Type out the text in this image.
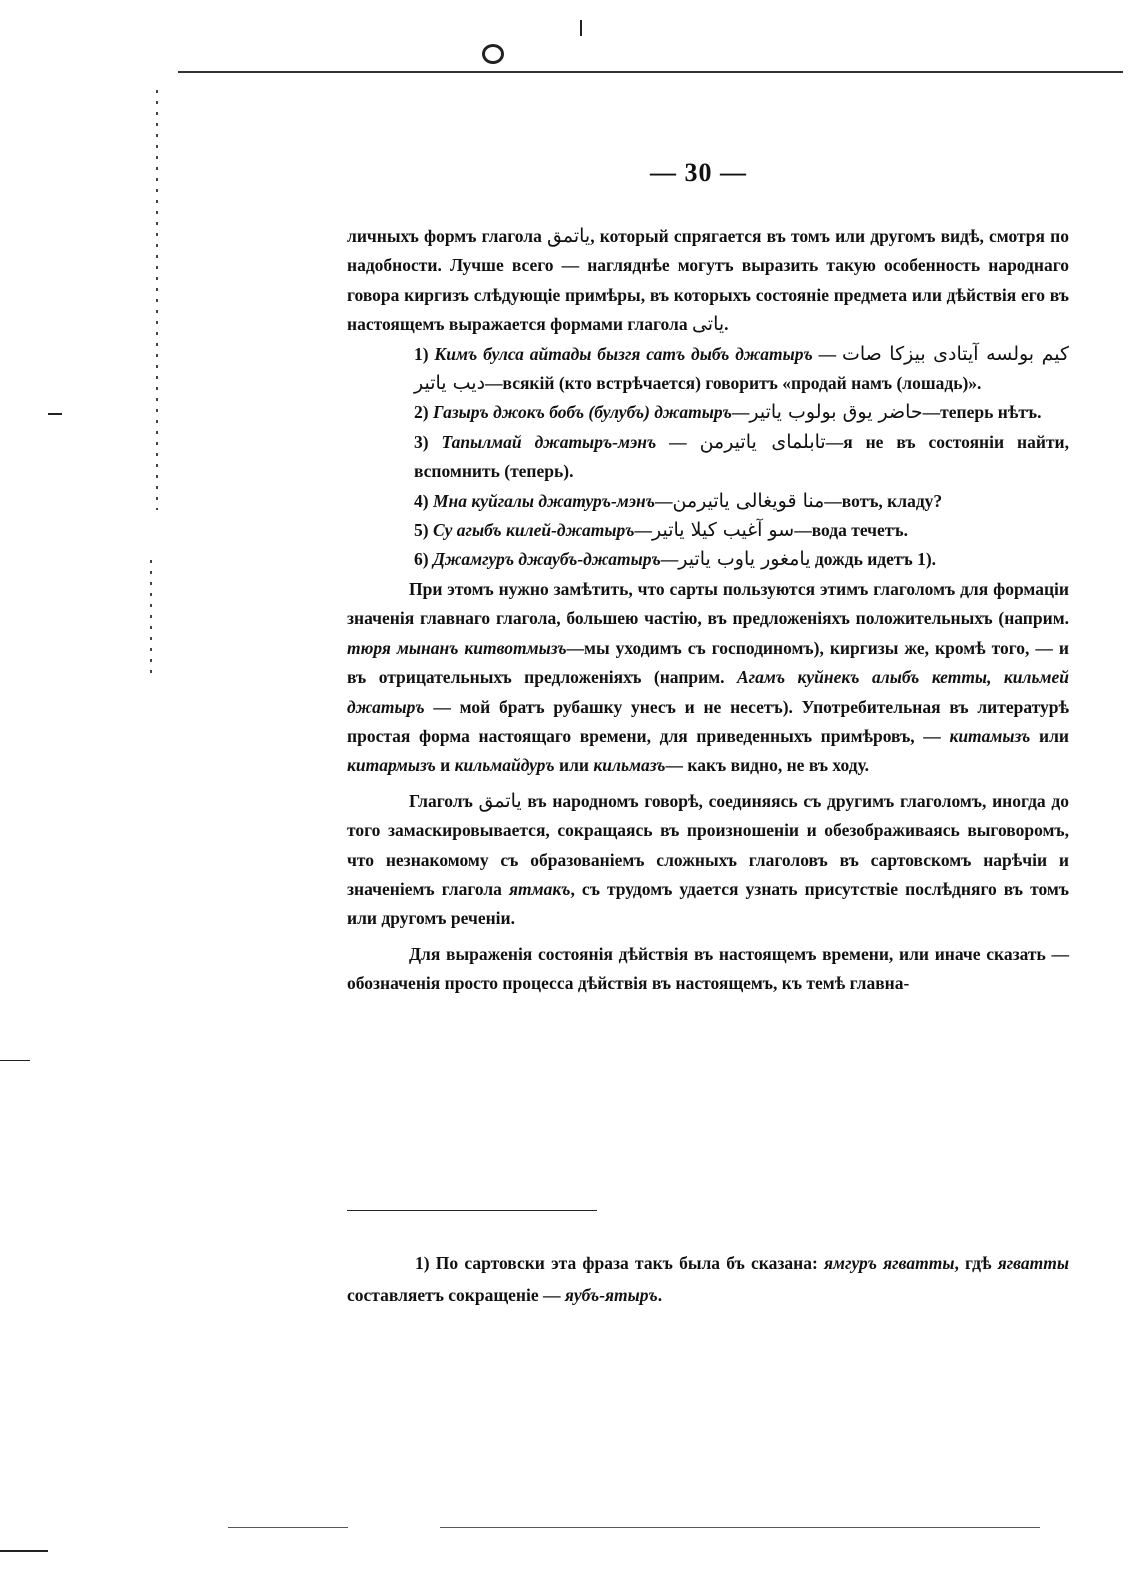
— 30 —

личныхъ формъ глагола یاتمق, который спрягается въ томъ или другомъ видѣ, смотря по надобности. Лучше всего — нагляднѣе могутъ выразить такую особенность народнаго говора киргизъ слѣдующіе примѣры, въ которыхъ состояніе предмета или дѣйствія его въ настоящемъ выражается формами глагола یاتی.

1) Кимъ булса айтады бызгя сатъ дыбъ джатыръ — کیم بولسه آیتادی بیزکا صات دیب یاتیر—всякій (кто встрѣчается) говоритъ «продай намъ (лошадь)».

2) Газыръ джокъ бобъ (булубъ) джатыръ—حاضر یوق بولوب یاتیر—теперь нѣтъ.

3) Тапылмай джатыръ-мэнъ — تابلمای یاتیرمن—я не въ состояніи найти, вспомнить (теперь).

4) Мна куйгалы джатуръ-мэнъ—منا قویغالی یاتیرمن—вотъ, кладу?

5) Су агыбъ килей-джатыръ—سو آغیب کیلا یاتیر—вода течетъ.

6) Джамгуръ джаубъ-джатыръ—یامغور یاوب یاتیر дождь идетъ 1).

При этомъ нужно замѣтить, что сарты пользуются этимъ глаголомъ для формаціи значенія главнаго глагола, большею частію, въ предложеніяхъ положительныхъ (наприм. тюря мынанъ китвотмызъ—мы уходимъ съ господиномъ), киргизы же, кромѣ того, — и въ отрицательныхъ предложеніяхъ (наприм. Агамъ куйнекъ алыбъ кетты, кильмей джатыръ — мой братъ рубашку унесъ и не несетъ). Употребительная въ литературѣ простая форма настоящаго времени, для приведенныхъ примѣровъ, — китамызъ или китармызъ и кильмайдуръ или кильмазъ— какъ видно, не въ ходу.

Глаголъ یاتمق въ народномъ говорѣ, соединяясь съ другимъ глаголомъ, иногда до того замаскировывается, сокращаясь въ произношеніи и обезображиваясь выговоромъ, что незнакомому съ образованіемъ сложныхъ глаголовъ въ сартовскомъ нарѣчіи и значеніемъ глагола ятмакъ, съ трудомъ удается узнать присутствіе послѣдняго въ томъ или другомъ реченіи.

Для выраженія состоянія дѣйствія въ настоящемъ времени, или иначе сказать — обозначенія просто процесса дѣйствія въ настоящемъ, къ темѣ главна-

1) По сартовски эта фраза такъ была бъ сказана: ямгуръ ягватты, гдѣ ягватты составляетъ сокращеніе — яубъ-ятыръ.
